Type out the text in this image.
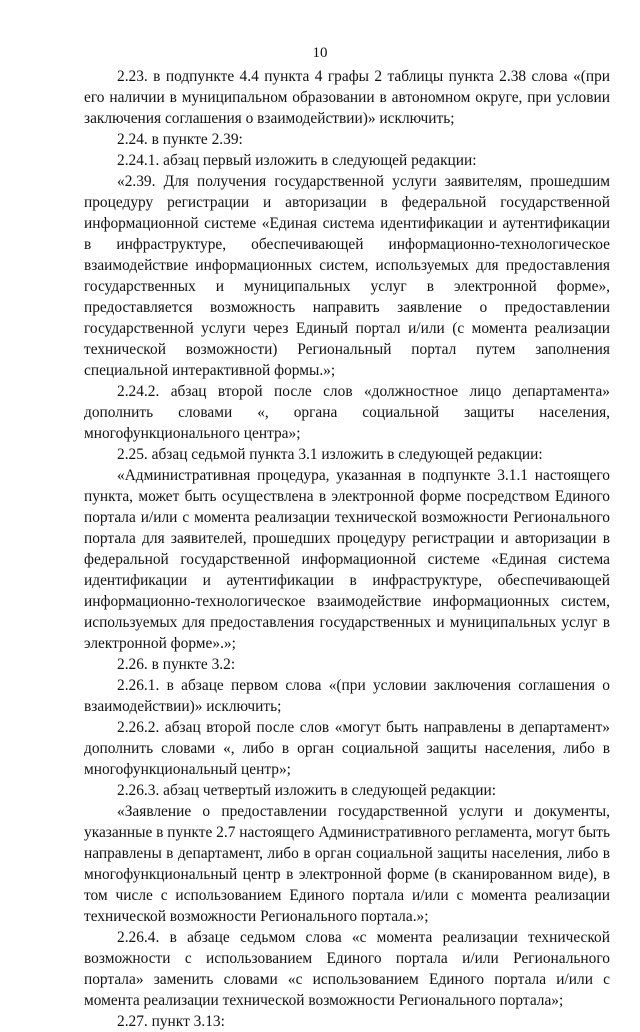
10

2.23. в подпункте 4.4 пункта 4 графы 2 таблицы пункта 2.38 слова «(при его наличии в муниципальном образовании в автономном округе, при условии заключения соглашения о взаимодействии)» исключить;

2.24. в пункте 2.39:

2.24.1. абзац первый изложить в следующей редакции:

«2.39. Для получения государственной услуги заявителям, прошедшим процедуру регистрации и авторизации в федеральной государственной информационной системе «Единая система идентификации и аутентификации в инфраструктуре, обеспечивающей информационно-технологическое взаимодействие информационных систем, используемых для предоставления государственных и муниципальных услуг в электронной форме», предоставляется возможность направить заявление о предоставлении государственной услуги через Единый портал и/или (с момента реализации технической возможности) Региональный портал путем заполнения специальной интерактивной формы.»;

2.24.2. абзац второй после слов «должностное лицо департамента» дополнить словами «, органа социальной защиты населения, многофункционального центра»;

2.25. абзац седьмой пункта 3.1 изложить в следующей редакции:

«Административная процедура, указанная в подпункте 3.1.1 настоящего пункта, может быть осуществлена в электронной форме посредством Единого портала и/или с момента реализации технической возможности Регионального портала для заявителей, прошедших процедуру регистрации и авторизации в федеральной государственной информационной системе «Единая система идентификации и аутентификации в инфраструктуре, обеспечивающей информационно-технологическое взаимодействие информационных систем, используемых для предоставления государственных и муниципальных услуг в электронной форме».»;

2.26. в пункте 3.2:

2.26.1. в абзаце первом слова «(при условии заключения соглашения о взаимодействии)» исключить;

2.26.2. абзац второй после слов «могут быть направлены в департамент» дополнить словами «, либо в орган социальной защиты населения, либо в многофункциональный центр»;

2.26.3. абзац четвертый изложить в следующей редакции:

«Заявление о предоставлении государственной услуги и документы, указанные в пункте 2.7 настоящего Административного регламента, могут быть направлены в департамент, либо в орган социальной защиты населения, либо в многофункциональный центр в электронной форме (в сканированном виде), в том числе с использованием Единого портала и/или с момента реализации технической возможности Регионального портала.»;

2.26.4. в абзаце седьмом слова «с момента реализации технической возможности с использованием Единого портала и/или Регионального портала» заменить словами «с использованием Единого портала и/или с момента реализации технической возможности Регионального портала»;

2.27. пункт 3.13:
